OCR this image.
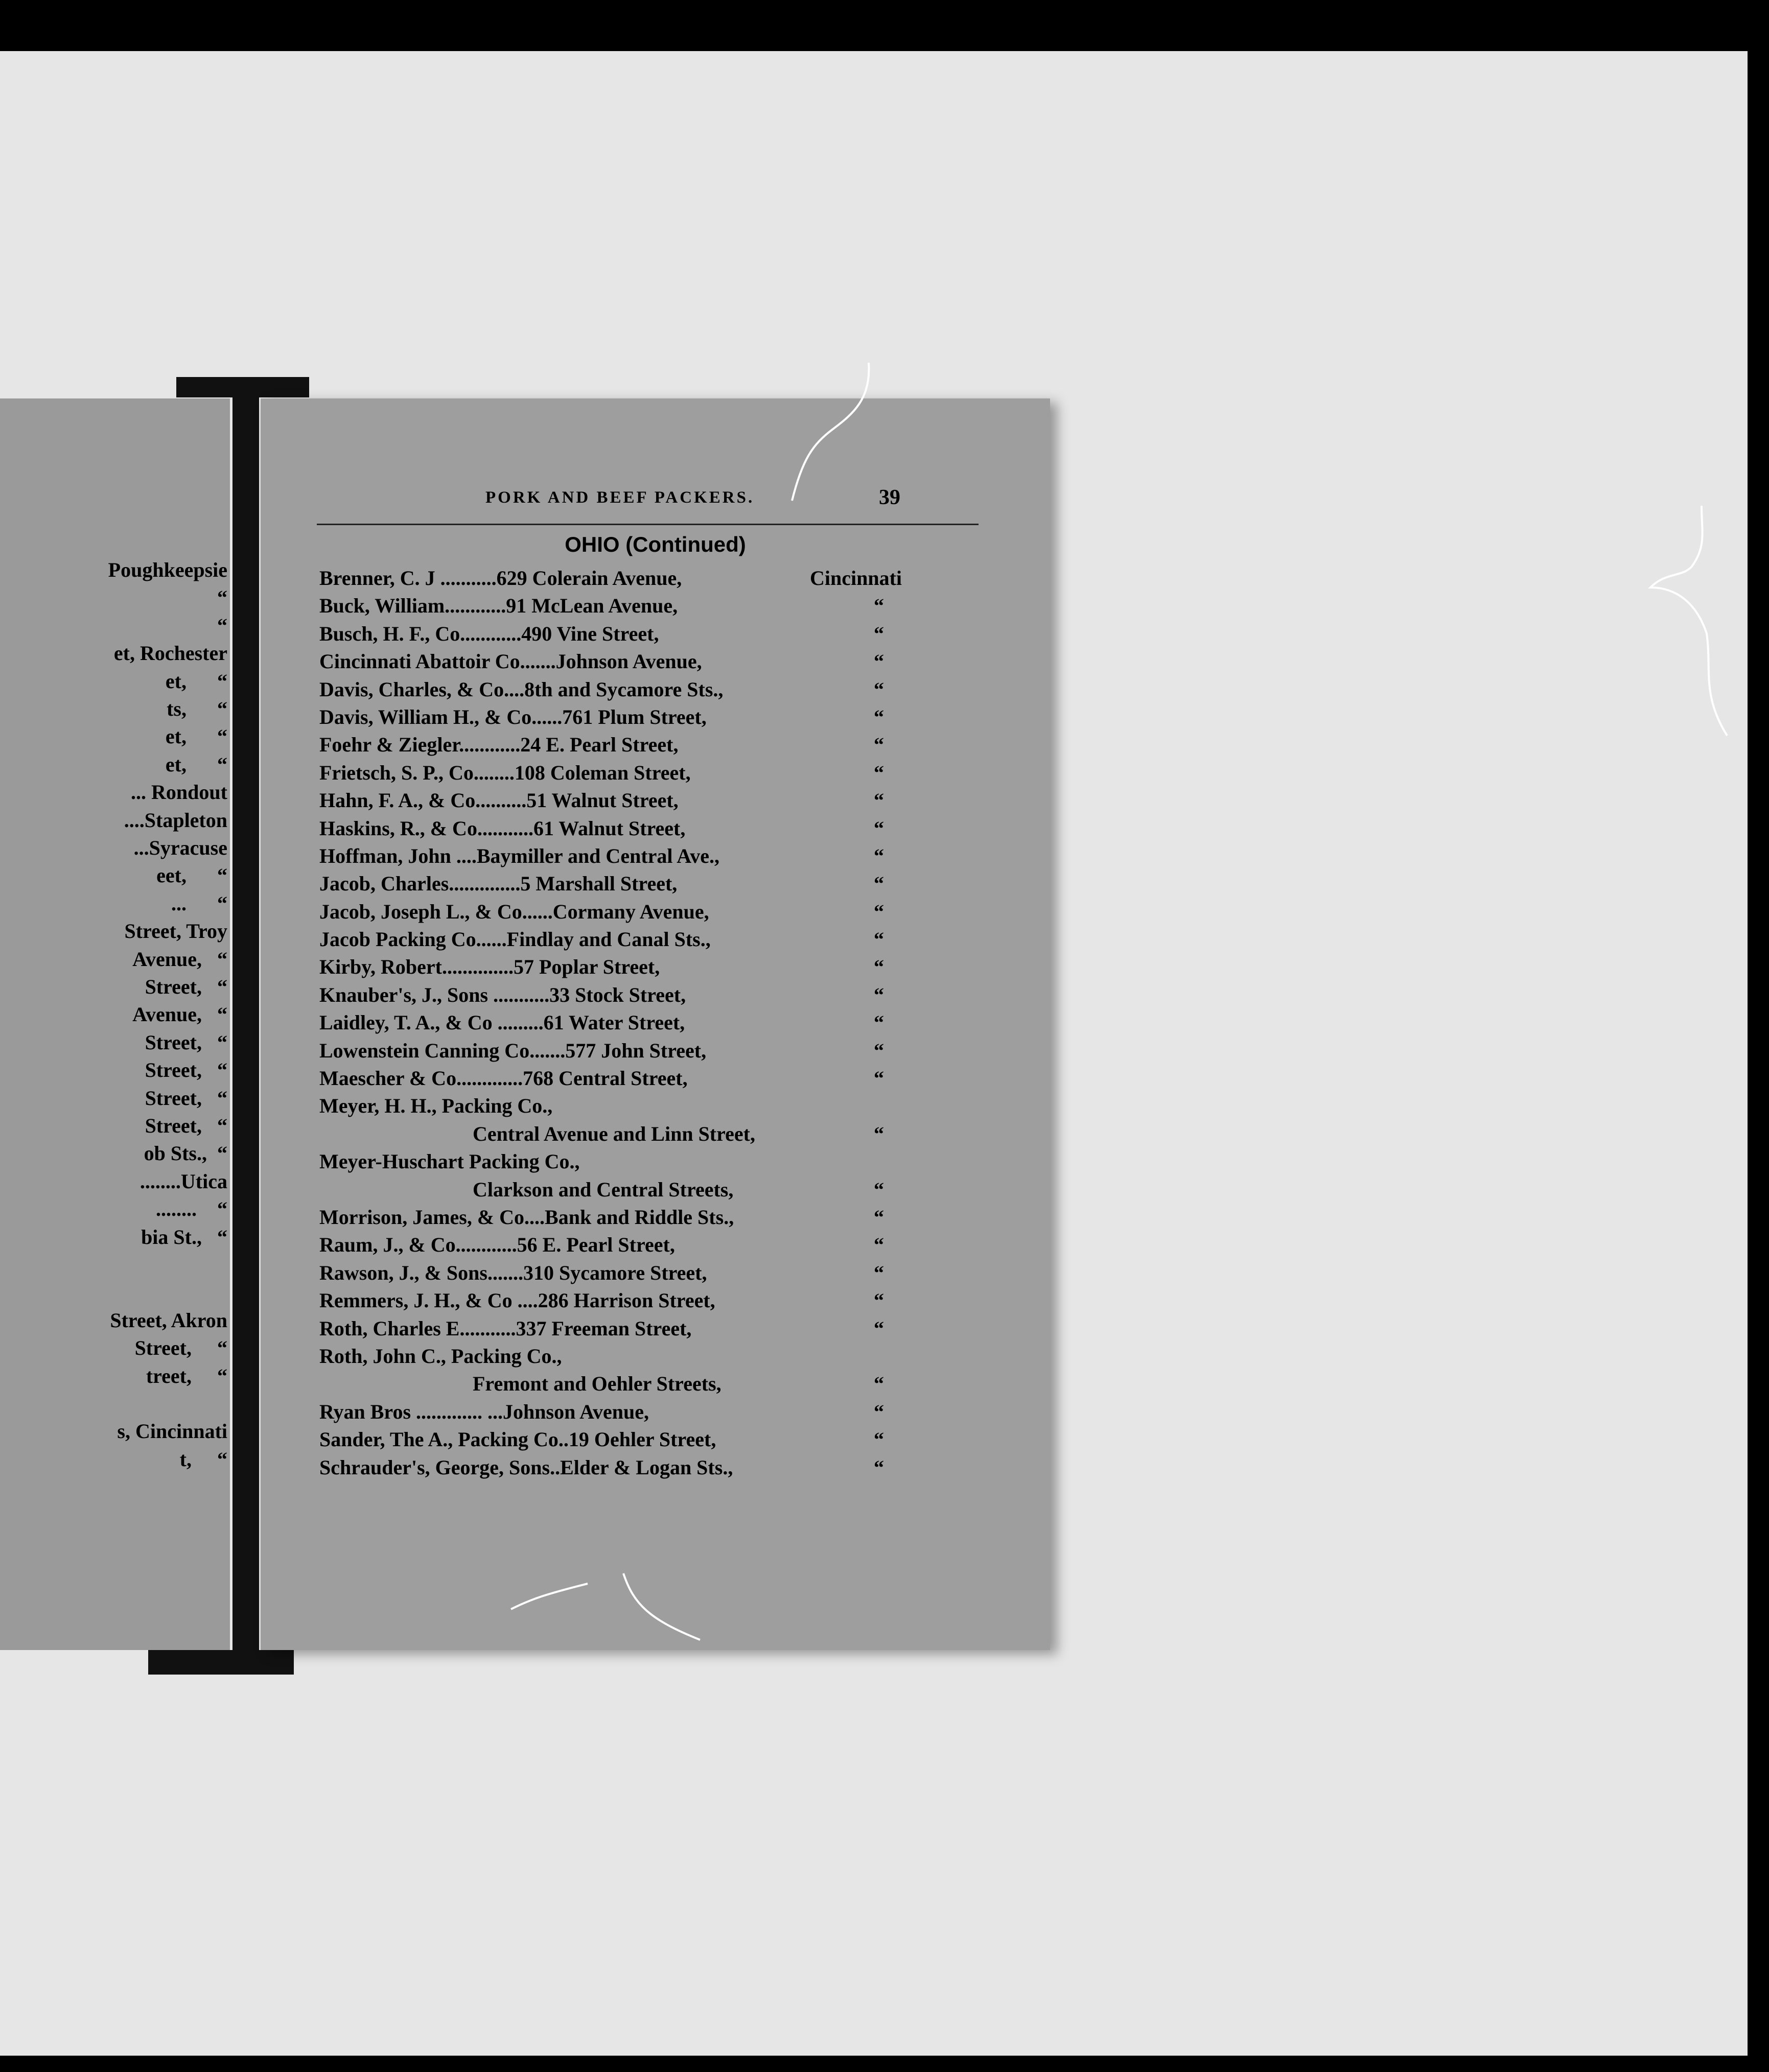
Poughkeepsie
“
“
et, Rochester
et,      “
ts,      “
et,      “
et,      “
... Rondout
....Stapleton
...Syracuse
eet,      “
...      “
Street, Troy
Avenue,   “
Street,   “
Avenue,   “
Street,   “
Street,   “
Street,   “
Street,   “
ob Sts.,  “
........Utica
........    “
bia St.,   “
Street, Akron
Street,     “
treet,     “
s, Cincinnati
t,     “
PORK AND BEEF PACKERS.	39
OHIO (Continued)
Brenner, C. J ...........629 Colerain Avenue,	Cincinnati
Buck, William............91 McLean Avenue,	“
Busch, H. F., Co............490 Vine Street,	“
Cincinnati Abattoir Co.......Johnson Avenue,	“
Davis, Charles, & Co....8th and Sycamore Sts.,	“
Davis, William H., & Co......761 Plum Street,	“
Foehr & Ziegler............24 E. Pearl Street,	“
Frietsch, S. P., Co........108 Coleman Street,	“
Hahn, F. A., & Co..........51 Walnut Street,	“
Haskins, R., & Co...........61 Walnut Street,	“
Hoffman, John ....Baymiller and Central Ave.,	“
Jacob, Charles..............5 Marshall Street,	“
Jacob, Joseph L., & Co......Cormany Avenue,	“
Jacob Packing Co......Findlay and Canal Sts.,	“
Kirby, Robert..............57 Poplar Street,	“
Knauber's, J., Sons ...........33 Stock Street,	“
Laidley, T. A., & Co .........61 Water Street,	“
Lowenstein Canning Co.......577 John Street,	“
Maescher & Co.............768 Central Street,	“
Meyer, H. H., Packing Co.,
Central Avenue and Linn Street,	“
Meyer-Huschart Packing Co.,
Clarkson and Central Streets,	“
Morrison, James, & Co....Bank and Riddle Sts.,	“
Raum, J., & Co............56 E. Pearl Street,	“
Rawson, J., & Sons.......310 Sycamore Street,	“
Remmers, J. H., & Co ....286 Harrison Street,	“
Roth, Charles E...........337 Freeman Street,	“
Roth, John C., Packing Co.,
Fremont and Oehler Streets,	“
Ryan Bros ............. ...Johnson Avenue,	“
Sander, The A., Packing Co..19 Oehler Street,	“
Schrauder's, George, Sons..Elder & Logan Sts.,	“
